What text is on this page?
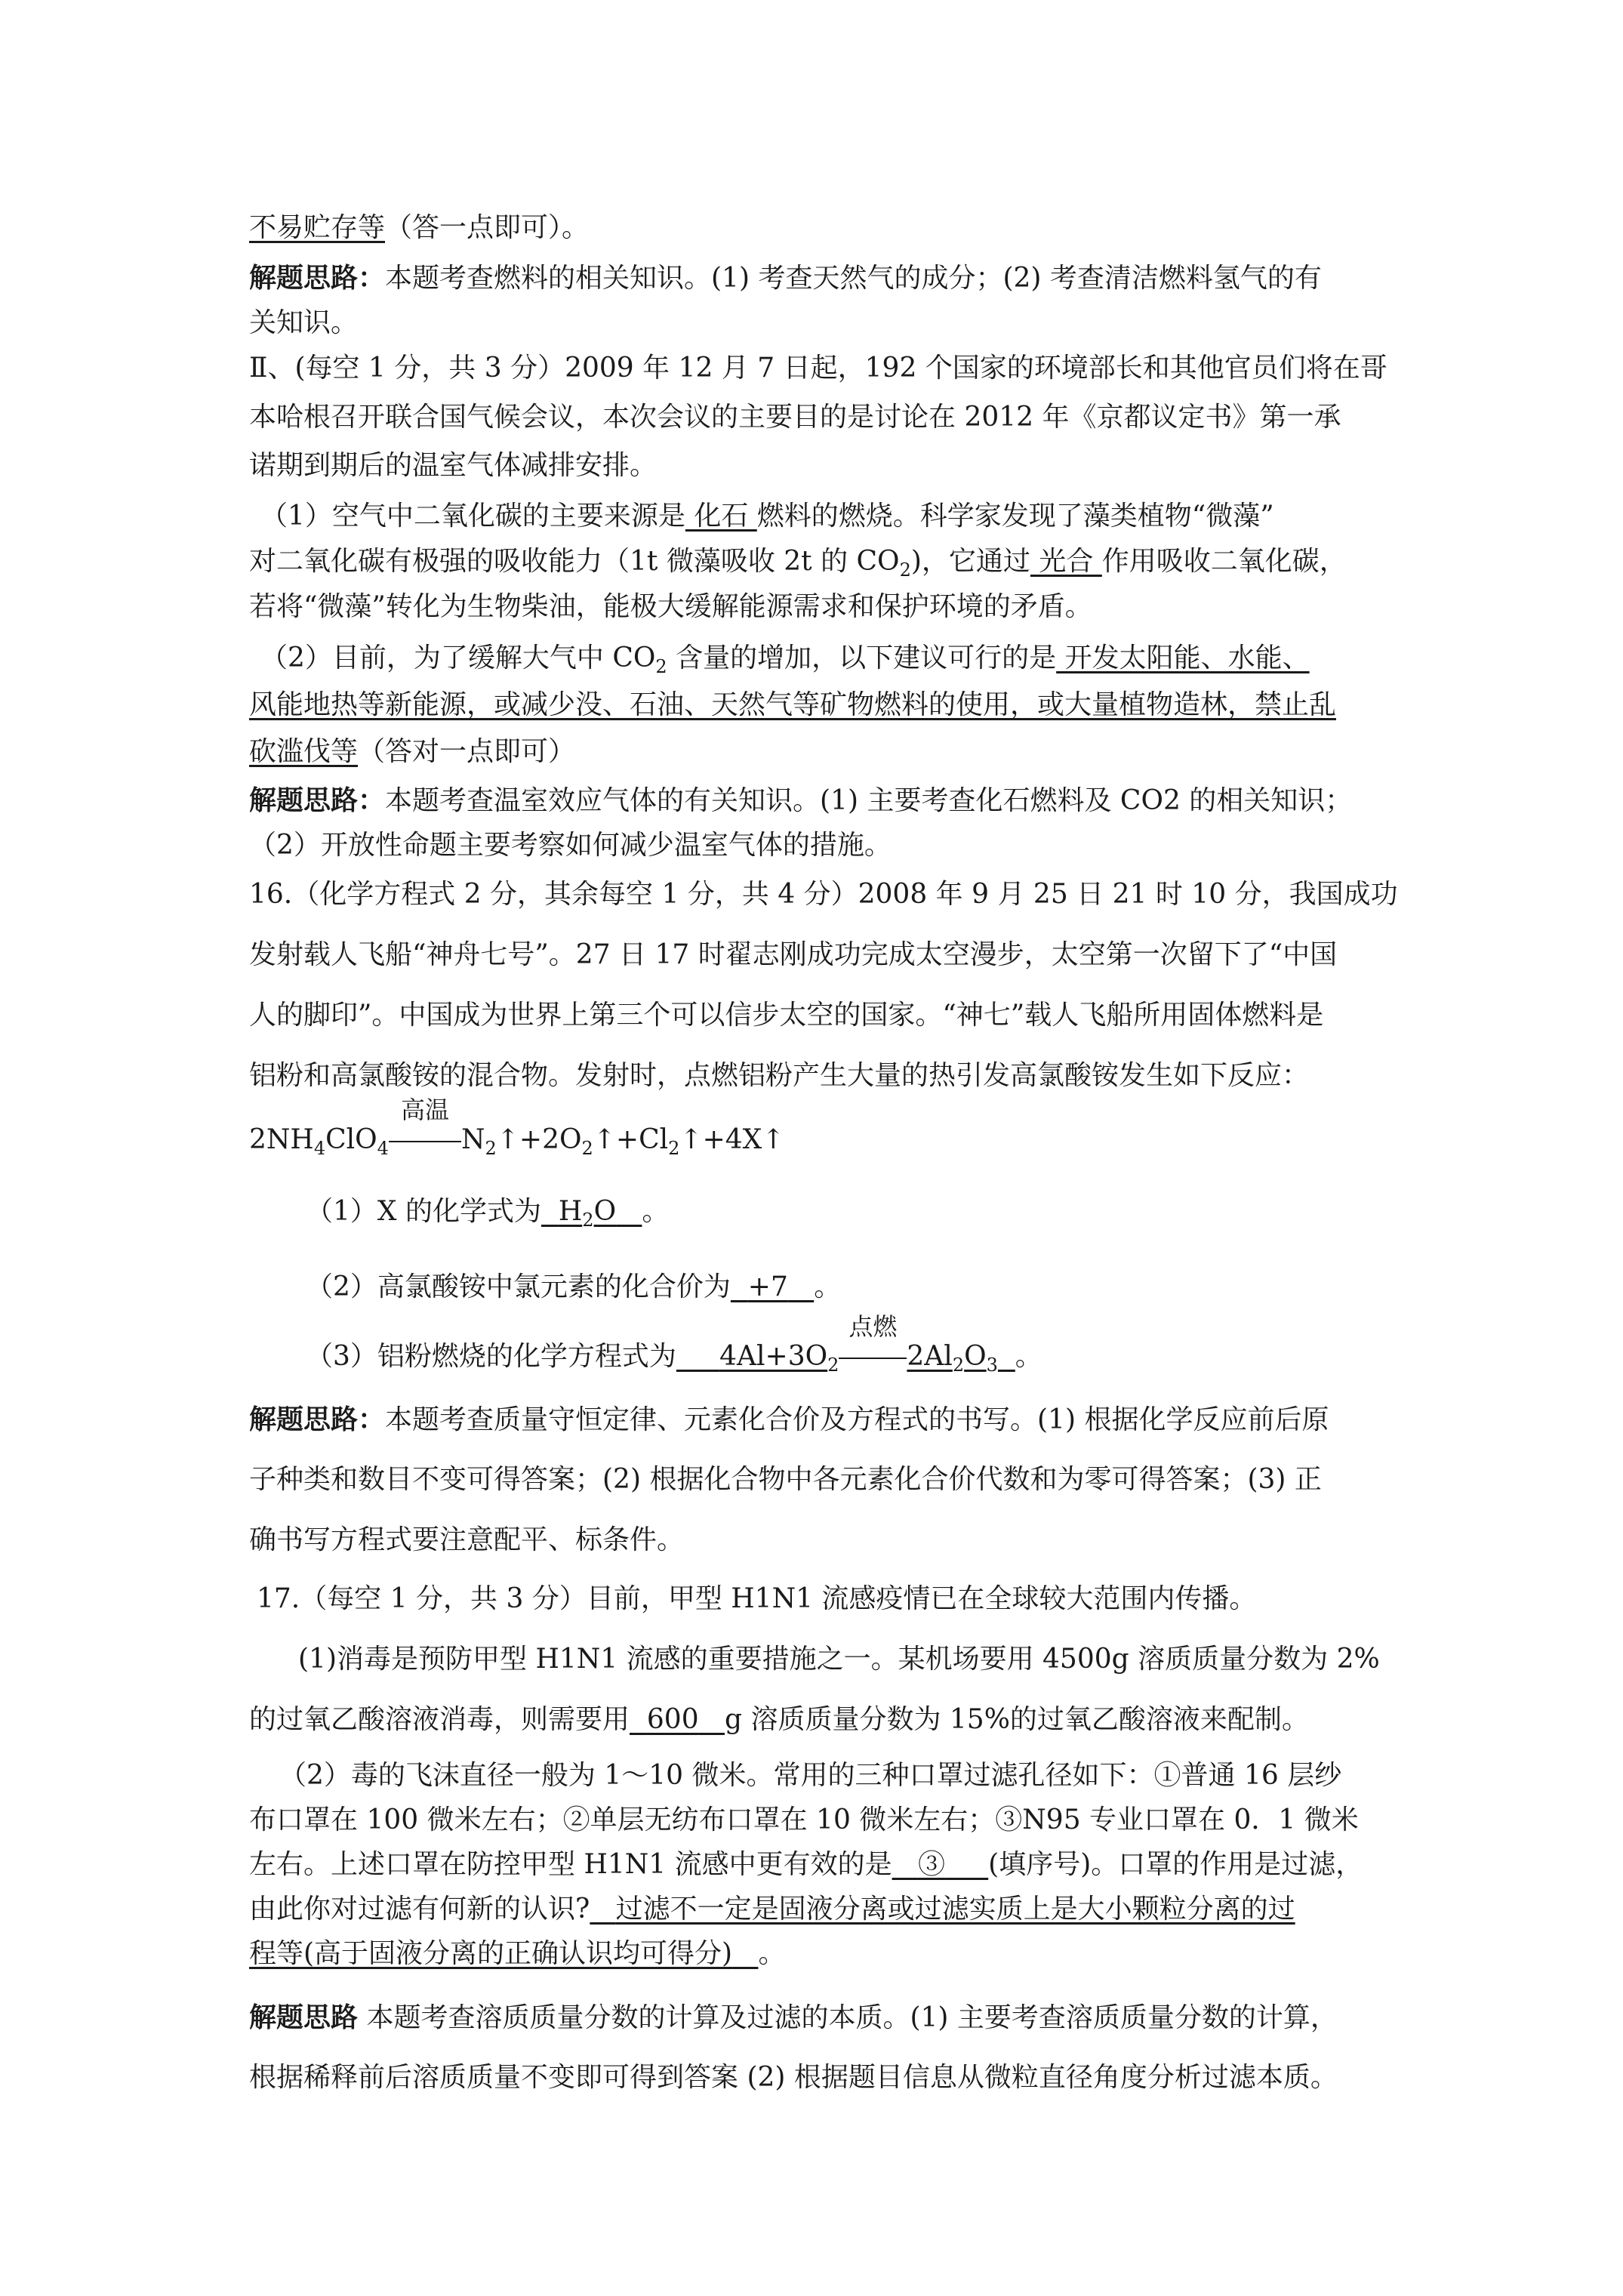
不易贮存等（答一点即可）。
解题思路：本题考查燃料的相关知识。(1) 考查天然气的成分；(2) 考查清洁燃料氢气的有
关知识。
Ⅱ、(每空 1 分，共 3 分）2009 年 12 月 7 日起，192 个国家的环境部长和其他官员们将在哥
本哈根召开联合国气候会议，本次会议的主要目的是讨论在 2012 年《京都议定书》第一承
诺期到期后的温室气体减排安排。
（1）空气中二氧化碳的主要来源是 化石 燃料的燃烧。科学家发现了藻类植物“微藻”
对二氧化碳有极强的吸收能力（1t 微藻吸收 2t 的 $CO_2$)，它通过 光合 作用吸收二氧化碳，
若将“微藻”转化为生物柴油，能极大缓解能源需求和保护环境的矛盾。
（2）目前，为了缓解大气中 $CO_2$ 含量的增加，以下建议可行的是 开发太阳能、水能、
风能地热等新能源，或减少没、石油、天然气等矿物燃料的使用，或大量植物造林，禁止乱
砍滥伐等（答对一点即可）
解题思路：本题考查温室效应气体的有关知识。(1) 主要考查化石燃料及 CO2 的相关知识；
（2）开放性命题主要考察如何减少温室气体的措施。
16.（化学方程式 2 分，其余每空 1 分，共 4 分）2008 年 9 月 25 日 21 时 10 分，我国成功
发射载人飞船“神舟七号”。27 日 17 时翟志刚成功完成太空漫步，太空第一次留下了“中国
人的脚印”。中国成为世界上第三个可以信步太空的国家。“神七”载人飞船所用固体燃料是
铝粉和高氯酸铵的混合物。发射时，点燃铝粉产生大量的热引发高氯酸铵发生如下反应：
$2NH_4ClO_4$
高温
$N_2↑+2O_2↑+Cl_2↑+4X↑$
（1）X 的化学式为 $H_2O$ 。
（2）高氯酸铵中氯元素的化合价为 +7 。
（3）铝粉燃烧的化学方程式为 $4Al+3O_2$
点燃
$2Al_2O_3$ 。
解题思路：本题考查质量守恒定律、元素化合价及方程式的书写。(1) 根据化学反应前后原
子种类和数目不变可得答案；(2) 根据化合物中各元素化合价代数和为零可得答案；(3) 正
确书写方程式要注意配平、标条件。
17.（每空 1 分，共 3 分）目前，甲型 H1N1 流感疫情已在全球较大范围内传播。
(1)消毒是预防甲型 H1N1 流感的重要措施之一。某机场要用 4500g 溶质质量分数为 2%
的过氧乙酸溶液消毒，则需要用 600 g 溶质质量分数为 15%的过氧乙酸溶液来配制。
（2）毒的飞沫直径一般为 1～10 微米。常用的三种口罩过滤孔径如下：①普通 16 层纱
布口罩在 100 微米左右；②单层无纺布口罩在 10 微米左右；③N95 专业口罩在 0．1 微米
左右。上述口罩在防控甲型 H1N1 流感中更有效的是 ③ (填序号)。口罩的作用是过滤，
由此你对过滤有何新的认识? 过滤不一定是固液分离或过滤实质上是大小颗粒分离的过
程等(高于固液分离的正确认识均可得分) 。
解题思路 本题考查溶质质量分数的计算及过滤的本质。(1) 主要考查溶质质量分数的计算，
根据稀释前后溶质质量不变即可得到答案 (2) 根据题目信息从微粒直径角度分析过滤本质。
